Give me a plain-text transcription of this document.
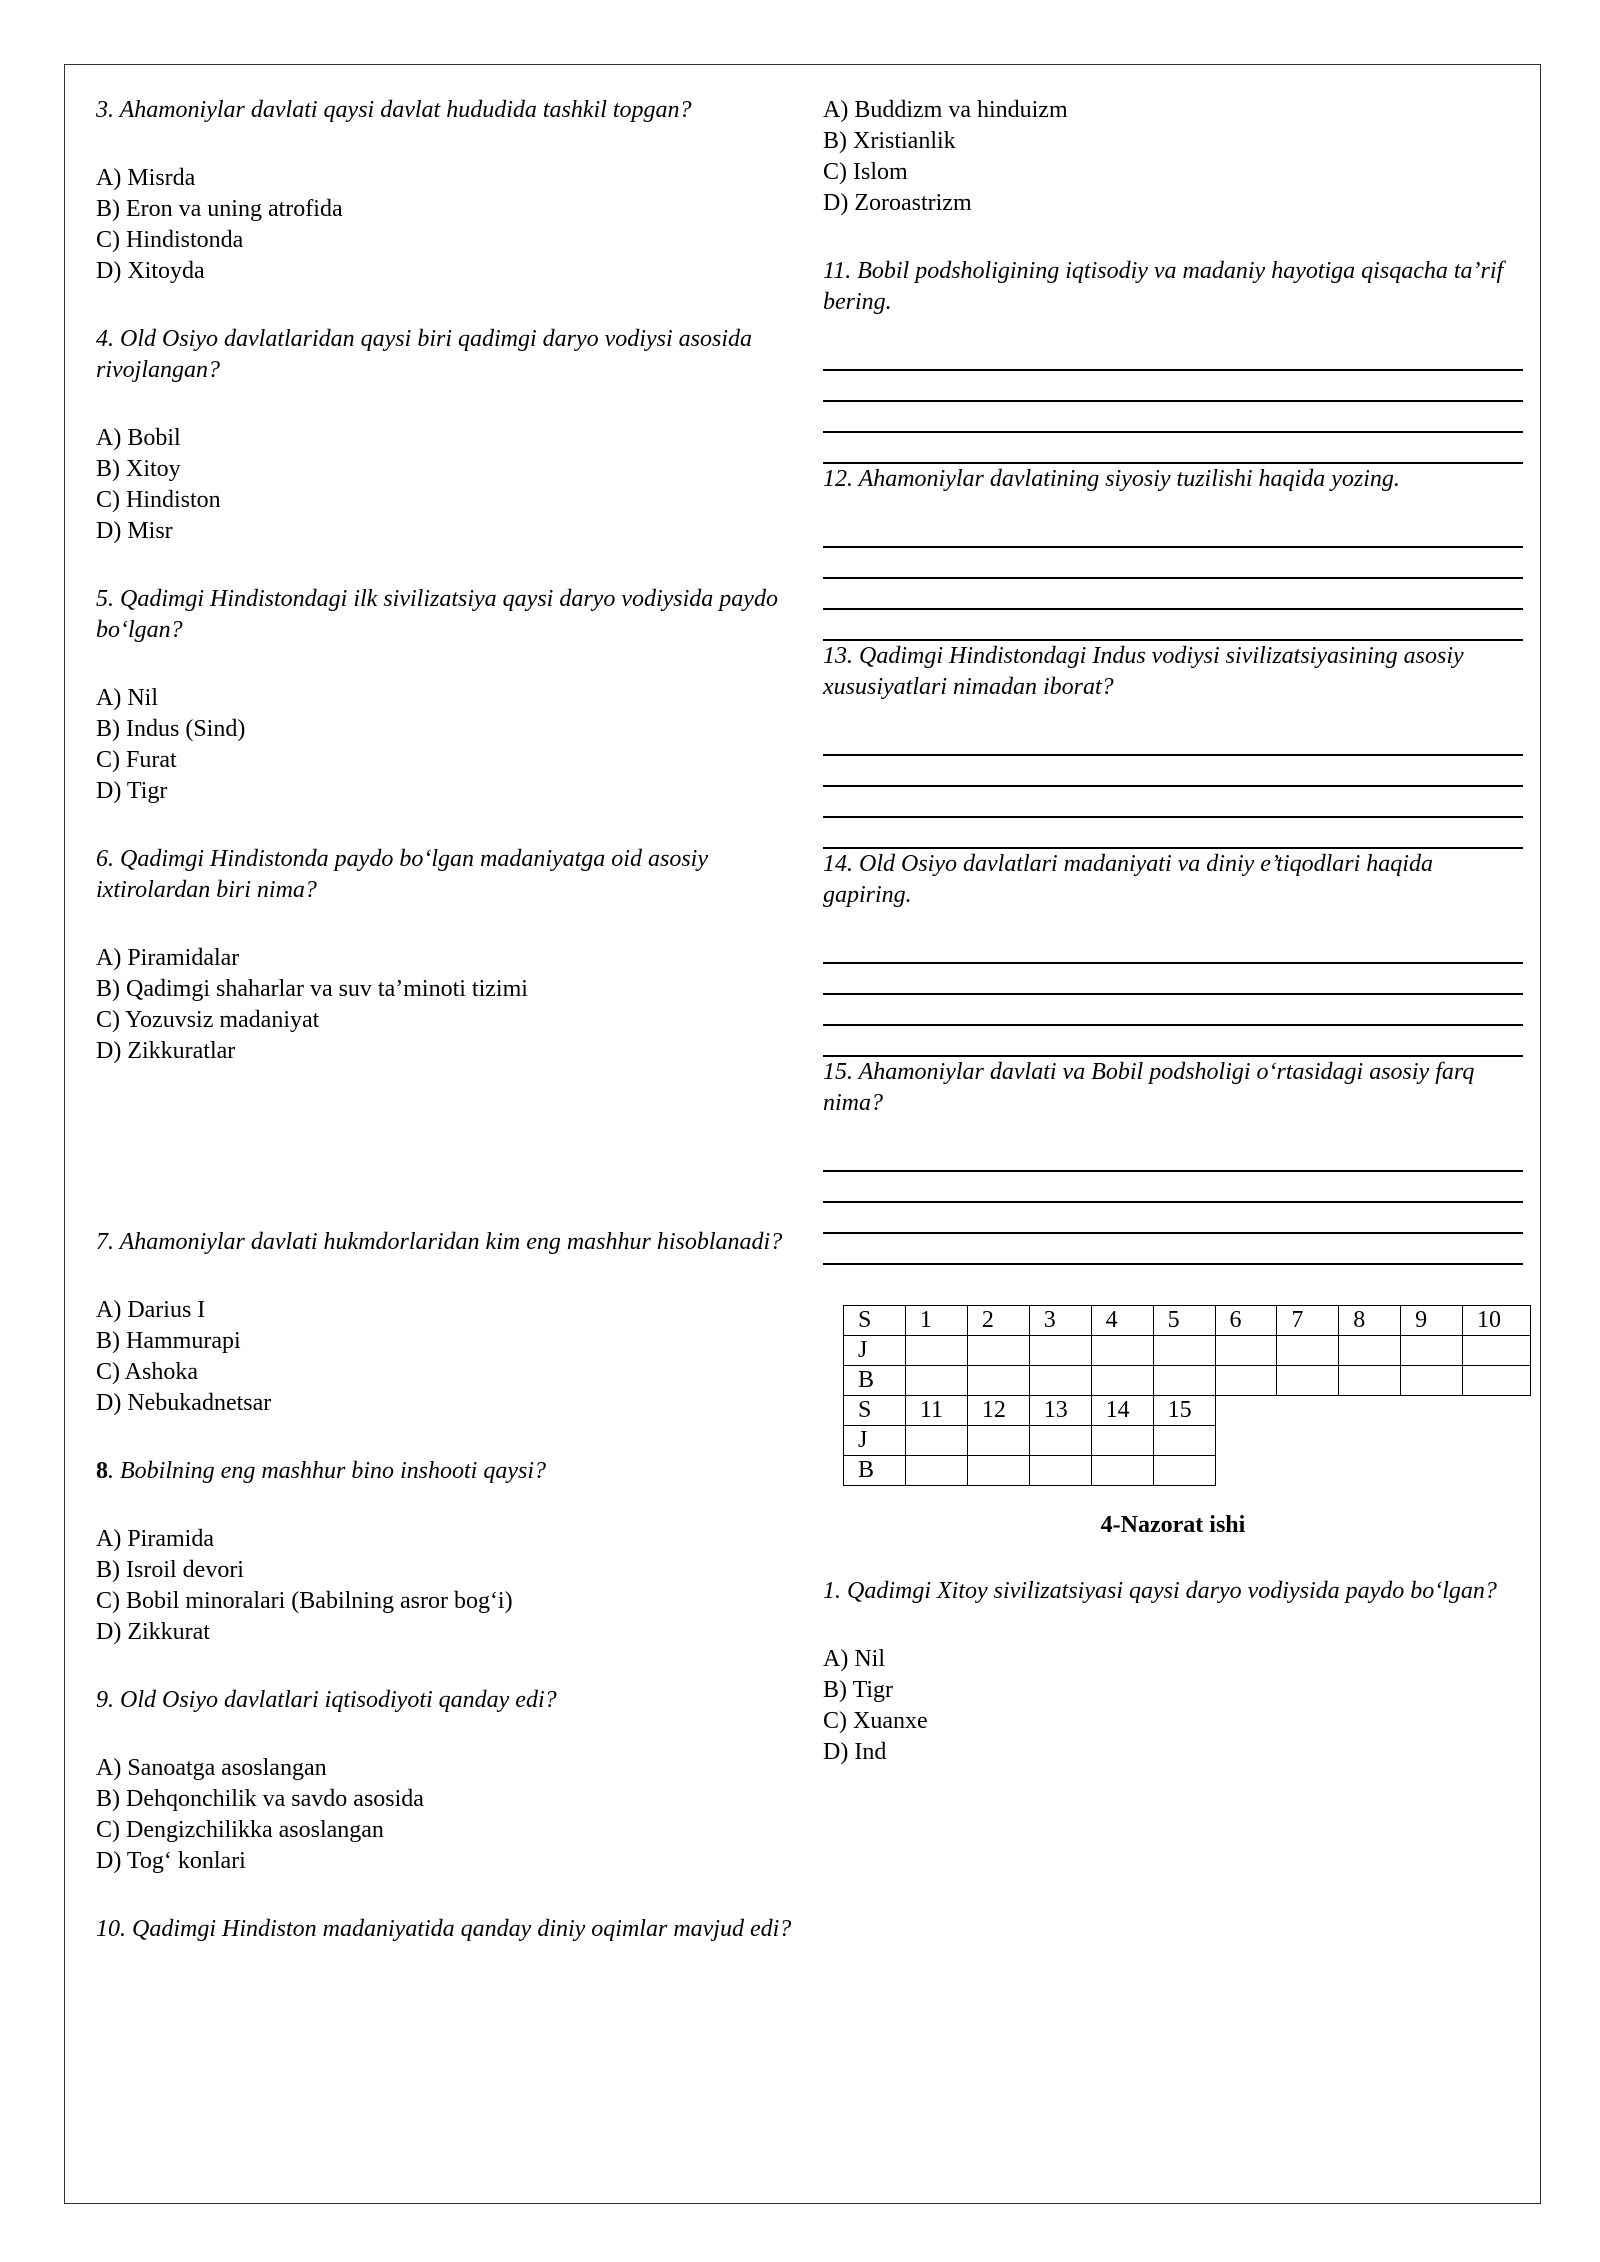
3. Ahamoniylar davlati qaysi davlat hududida tashkil topgan?

A) Misrda
B) Eron va uning atrofida
C) Hindistonda
D) Xitoyda

4. Old Osiyo davlatlaridan qaysi biri qadimgi daryo vodiysi asosida rivojlangan?

A) Bobil
B) Xitoy
C) Hindiston
D) Misr

5. Qadimgi Hindistondagi ilk sivilizatsiya qaysi daryo vodiysida paydo bo‘lgan?

A) Nil
B) Indus (Sind)
C) Furat
D) Tigr

6. Qadimgi Hindistonda paydo bo‘lgan madaniyatga oid asosiy ixtirolardan biri nima?

A) Piramidalar
B) Qadimgi shaharlar va suv ta’minoti tizimi
C) Yozuvsiz madaniyat
D) Zikkuratlar

7. Ahamoniylar davlati hukmdorlaridan kim eng mashhur hisoblanadi?

A) Darius I
B) Hammurapi
C) Ashoka
D) Nebukadnetsar

8. Bobilning eng mashhur bino inshooti qaysi?

A) Piramida
B) Isroil devori
C) Bobil minoralari (Babilning asror bog‘i)
D) Zikkurat

9. Old Osiyo davlatlari iqtisodiyoti qanday edi?

A) Sanoatga asoslangan
B) Dehqonchilik va savdo asosida
C) Dengizchilikka asoslangan
D) Tog‘ konlari

10. Qadimgi Hindiston madaniyatida qanday diniy oqimlar mavjud edi?

A) Buddizm va hinduizm
B) Xristianlik
C) Islom
D) Zoroastrizm

11. Bobil podsholigining iqtisodiy va madaniy hayotiga qisqacha ta’rif bering.

12. Ahamoniylar davlatining siyosiy tuzilishi haqida yozing.

13. Qadimgi Hindistondagi Indus vodiysi sivilizatsiyasining asosiy xususiyatlari nimadan iborat?

14. Old Osiyo davlatlari madaniyati va diniy e’tiqodlari haqida gapiring.

15. Ahamoniylar davlati va Bobil podsholigi o‘rtasidagi asosiy farq nima?

S	1	2	3	4	5	6	7	8	9	10
J										
B										
S	11	12	13	14	15					
J										
B										
4-Nazorat ishi

1. Qadimgi Xitoy sivilizatsiyasi qaysi daryo vodiysida paydo bo‘lgan?

A) Nil
B) Tigr
C) Xuanxe
D) Ind
